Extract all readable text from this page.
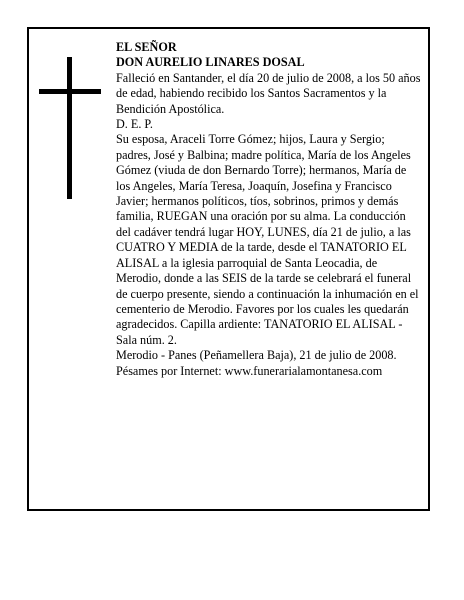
EL SEÑOR

DON AURELIO LINARES DOSAL

Falleció en Santander, el día 20 de julio de 2008, a los 50 años de edad, habiendo recibido los Santos Sacramentos y la Bendición Apostólica.

D. E. P.

Su esposa, Araceli Torre Gómez; hijos, Laura y Sergio; padres, José y Balbina; madre política, María de los Angeles Gómez (viuda de don Bernardo Torre); hermanos, María de los Angeles, María Teresa, Joaquín, Josefina y Francisco Javier; hermanos políticos, tíos, sobrinos, primos y demás familia, RUEGAN una oración por su alma. La conducción del cadáver tendrá lugar HOY, LUNES, día 21 de julio, a las CUATRO Y MEDIA de la tarde, desde el TANATORIO EL ALISAL a la iglesia parroquial de Santa Leocadia, de Merodio, donde a las SEIS de la tarde se celebrará el funeral de cuerpo presente, siendo a continuación la inhumación en el cementerio de Merodio. Favores por los cuales les quedarán agradecidos. Capilla ardiente: TANATORIO EL ALISAL - Sala núm. 2.

Merodio - Panes (Peñamellera Baja), 21 de julio de 2008.

Pésames por Internet: www.funerarialamontanesa.com
